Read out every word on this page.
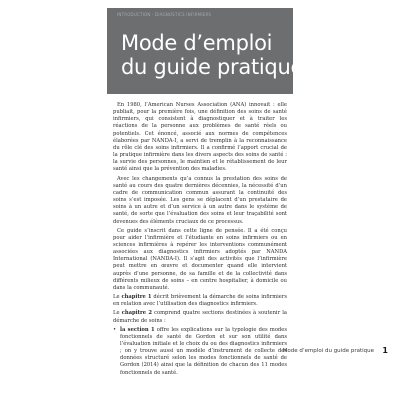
INTRODUCTION · DIAGNOSTICS INFIRMIERS
Mode d’emploi
du guide pratique

En 1980, l’American Nurses Association (ANA) innovait : elle publiait, pour la première fois, une définition des soins de santé infirmiers, qui consistent à diagnostiquer et à traiter les réactions de la personne aux problèmes de santé réels ou potentiels. Cet énoncé, associé aux normes de compétences élaborées par NANDA-I, a servi de tremplin à la reconnaissance du rôle clé des soins infirmiers. Il a confirmé l’apport crucial de la pratique infirmière dans les divers aspects des soins de santé : la survie des personnes, le maintien et le rétablissement de leur santé ainsi que la prévention des maladies.

Avec les changements qu’a connus la prestation des soins de santé au cours des quatre dernières décennies, la nécessité d’un cadre de communication commun assurant la continuité des soins s’est imposée. Les gens se déplacent d’un prestataire de soins à un autre et d’un service à un autre dans le système de santé, de sorte que l’évaluation des soins et leur traçabilité sont devenues des éléments cruciaux de ce processus.

Ce guide s’inscrit dans cette ligne de pensée. Il a été conçu pour aider l’infirmière et l’étudiante en soins infirmiers ou en sciences infirmières à repérer les interventions communément associées aux diagnostics infirmiers adoptés par NANDA International (NANDA-I). Il s’agit des activités que l’infirmière peut mettre en œuvre et documenter quand elle intervient auprès d’une personne, de sa famille et de la collectivité dans différents milieux de soins – en centre hospitalier, à domicile ou dans la communauté.

Le chapitre 1 décrit brièvement la démarche de soins infirmiers en relation avec l’utilisation des diagnostics infirmiers.

Le chapitre 2 comprend quatre sections destinées à soutenir la démarche de soins :

• la section 1 offre les explications sur la typologie des modes fonctionnels de santé de Gordon et sur son utilité dans l’évaluation initiale et le choix du ou des diagnostics infirmiers ; on y trouve aussi un modèle d’instrument de collecte des données structuré selon les modes fonctionnels de santé de Gordon (2014) ainsi que la définition de chacun des 11 modes fonctionnels de santé.
Mode d’emploi du guide pratique 1
